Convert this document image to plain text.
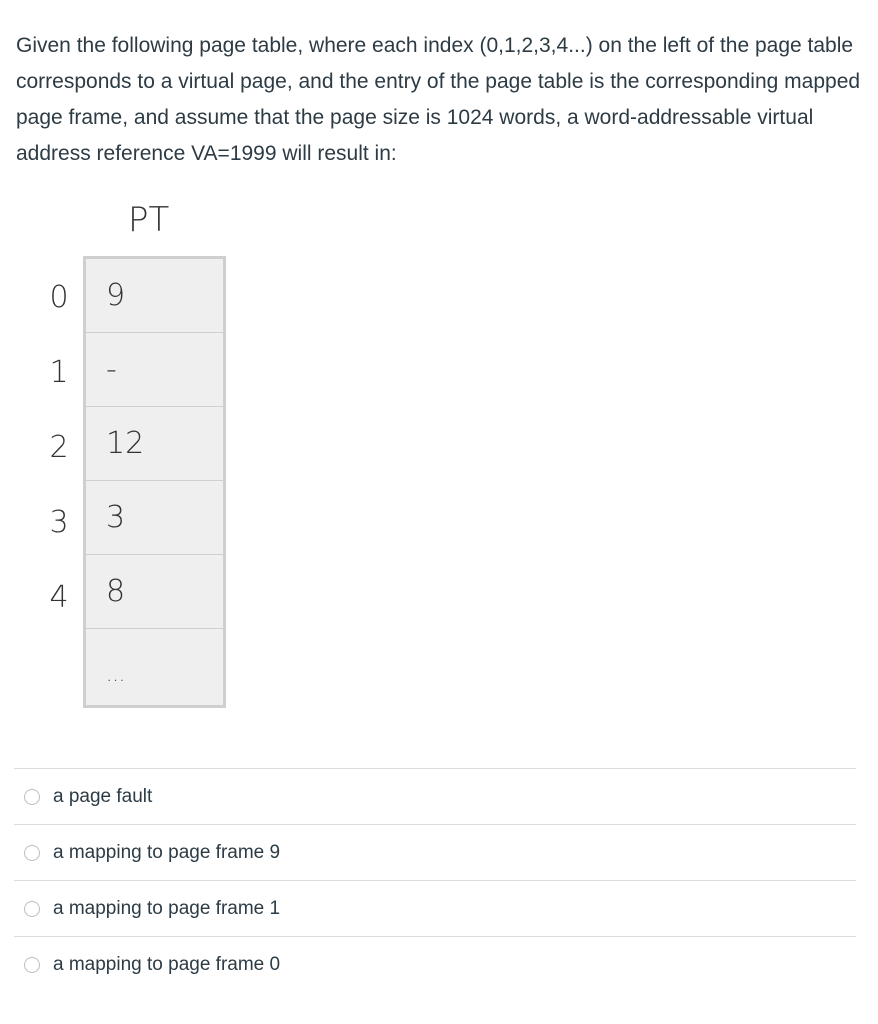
Given the following page table, where each index (0,1,2,3,4...) on the left of the page table corresponds to a virtual page, and the entry of the page table is the corresponding mapped page frame, and assume that the page size is 1024 words, a word-addressable virtual address reference VA=1999 will result in:

PT
0
1
2
3
4
9
-
12
3
8
...
a page fault
a mapping to page frame 9
a mapping to page frame 1
a mapping to page frame 0
